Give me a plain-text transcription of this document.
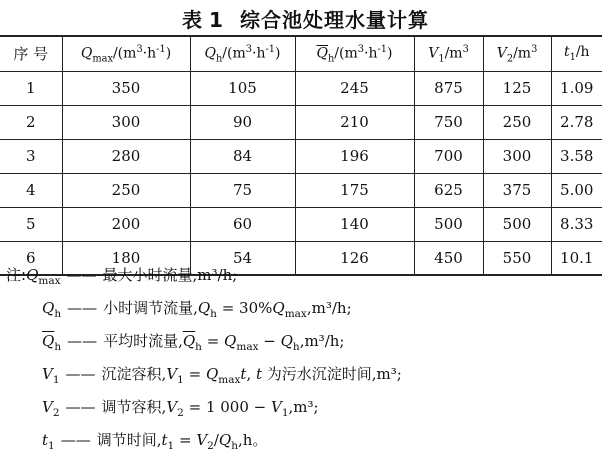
表 1 综合池处理水量计算
序 号	$Q_{max}/(m^3\cdot h^{-1})$	$Q_h/(m^3\cdot h^{-1})$	$\overline{Q}_h/(m^3\cdot h^{-1})$	$V_1/m^3$	$V_2/m^3$	$t_1/h$
1	350	105	245	875	125	1.09
2	300	90	210	750	250	2.78
3	280	84	196	700	300	3.58
4	250	75	175	625	375	5.00
5	200	60	140	500	500	8.33
6	180	54	126	450	550	10.1
注$:Q_{max}$ —— 最大小时流量,m³/h;
$Q_h$ —— 小时调节流量$,Q_h = 30\%Q_{max},m^3/h$;
$\overline{Q}_h$ —— 平均时流量$,\overline{Q}_h = Q_{max} - Q_h,m^3/h$;
$V_1$ —— 沉淀容积$,V_1 = Q_{max}t$, t 为污水沉淀时间,m³;
$V_2$ —— 调节容积$,V_2 = 1$ $000 - V_1,m^3$;
$t_1$ —— 调节时间$,t_1 = V_2/Q_h,h$。
